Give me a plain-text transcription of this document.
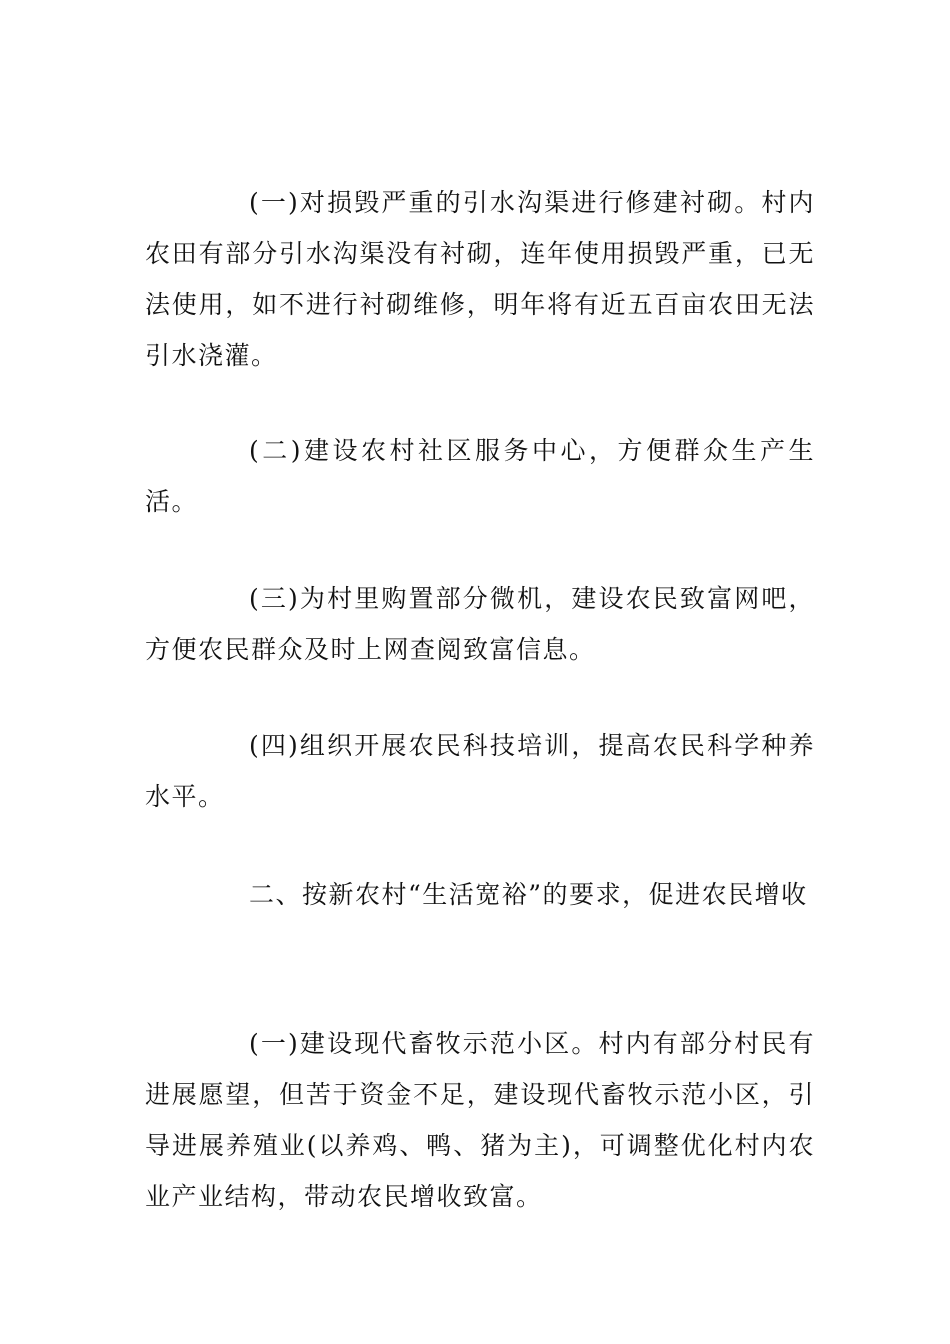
(一)对损毁严重的引水沟渠进行修建衬砌。村内农田有部分引水沟渠没有衬砌，连年使用损毁严重，已无法使用，如不进行衬砌维修，明年将有近五百亩农田无法引水浇灌。

(二)建设农村社区服务中心，方便群众生产生活。

(三)为村里购置部分微机，建设农民致富网吧，方便农民群众及时上网查阅致富信息。

(四)组织开展农民科技培训，提高农民科学种养水平。

二、按新农村“生活宽裕”的要求，促进农民增收

(一)建设现代畜牧示范小区。村内有部分村民有进展愿望，但苦于资金不足，建设现代畜牧示范小区，引导进展养殖业(以养鸡、鸭、猪为主)，可调整优化村内农业产业结构，带动农民增收致富。
